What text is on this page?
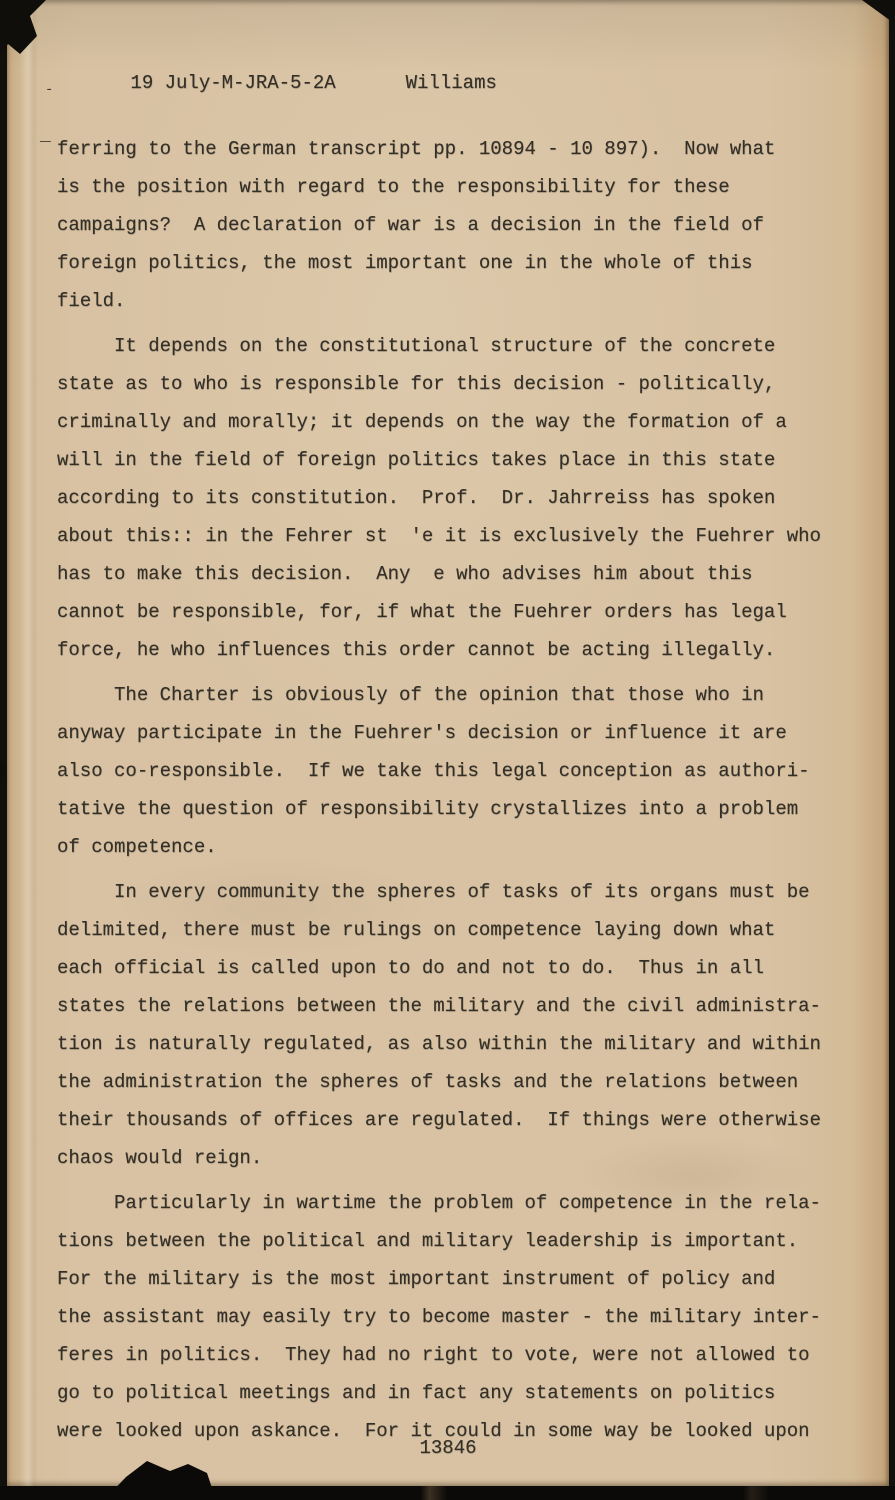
19 July-M-JRA-5-2A	Williams

-
_
ferring to the German transcript pp. 10894 - 10 897).  Now what
is the position with regard to the responsibility for these
campaigns?  A declaration of war is a decision in the field of
foreign politics, the most important one in the whole of this
field.
It depends on the constitutional structure of the concrete
state as to who is responsible for this decision - politically,
criminally and morally; it depends on the way the formation of a
will in the field of foreign politics takes place in this state
according to its constitution.  Prof.  Dr. Jahrreiss has spoken
about this:: in the Fehrer st  'e it is exclusively the Fuehrer who
has to make this decision.  Any  e who advises him about this
cannot be responsible, for, if what the Fuehrer orders has legal
force, he who influences this order cannot be acting illegally.
The Charter is obviously of the opinion that those who in
anyway participate in the Fuehrer's decision or influence it are
also co-responsible.  If we take this legal conception as authori-
tative the question of responsibility crystallizes into a problem
of competence.
In every community the spheres of tasks of its organs must be
delimited, there must be rulings on competence laying down what
each official is called upon to do and not to do.  Thus in all
states the relations between the military and the civil administra-
tion is naturally regulated, as also within the military and within
the administration the spheres of tasks and the relations between
their thousands of offices are regulated.  If things were otherwise
chaos would reign.
Particularly in wartime the problem of competence in the rela-
tions between the political and military leadership is important.
For the military is the most important instrument of policy and
the assistant may easily try to become master - the military inter-
feres in politics.  They had no right to vote, were not allowed to
go to political meetings and in fact any statements on politics
were looked upon askance.  For it could in some way be looked upon
13846
